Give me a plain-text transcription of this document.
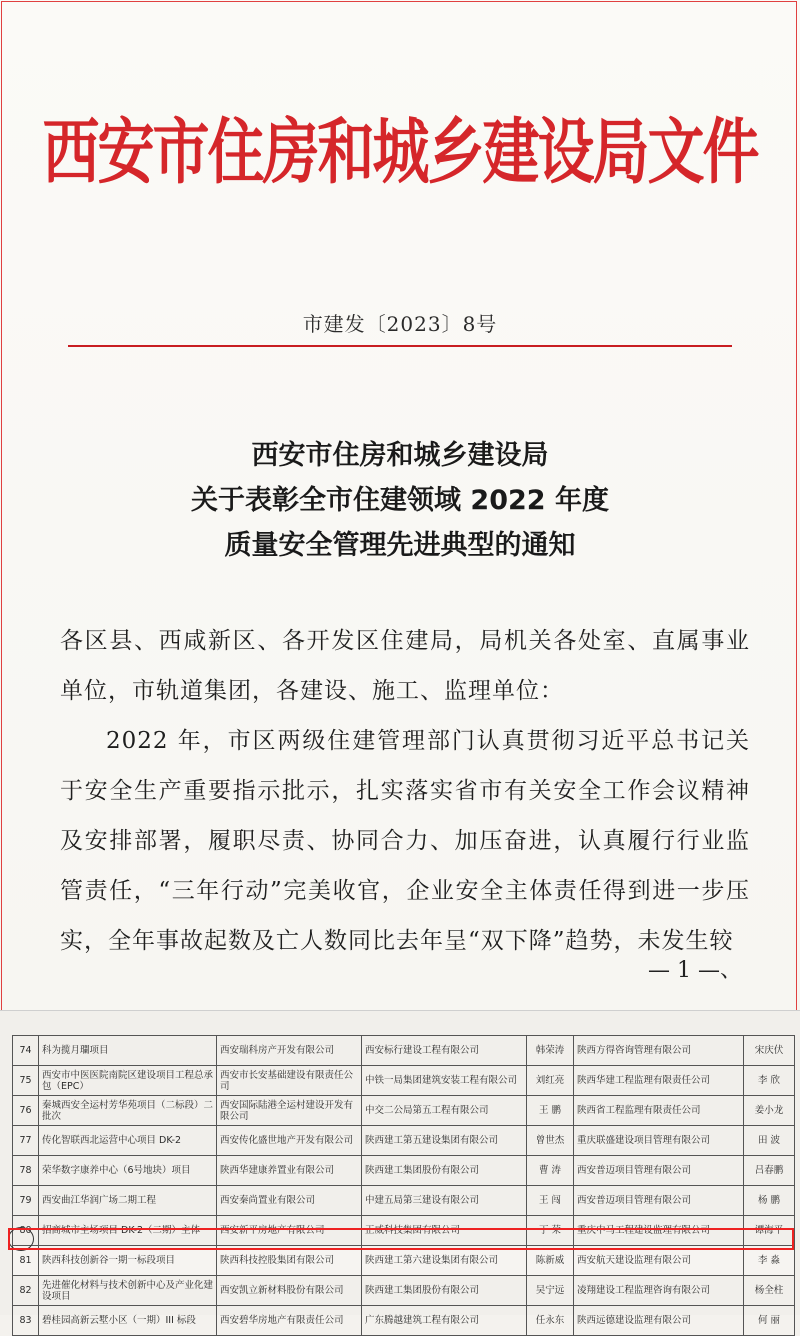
西安市住房和城乡建设局文件
市建发〔2023〕8号
西安市住房和城乡建设局
关于表彰全市住建领域 2022 年度
质量安全管理先进典型的通知

各区县、西咸新区、各开发区住建局，局机关各处室、直属事业单位，市轨道集团，各建设、施工、监理单位：

2022 年，市区两级住建管理部门认真贯彻习近平总书记关于安全生产重要指示批示，扎实落实省市有关安全工作会议精神及安排部署，履职尽责、协同合力、加压奋进，认真履行行业监管责任，“三年行动”完美收官，企业安全主体责任得到进一步压实，全年事故起数及亡人数同比去年呈“双下降”趋势，未发生较

— 1 —、
74	科为揽月瓓项目	西安瑞科房产开发有限公司	西安标行建设工程有限公司	韩荣涛	陕西方得咨询管理有限公司	宋庆伏
75	西安市中医医院南院区建设项目工程总承包（EPC）	西安市长安基础建设有限责任公司	中铁一局集团建筑安装工程有限公司	刘红亮	陕西华建工程监理有限责任公司	李 欣
76	秦城西安全运村芳华苑项目（二标段）二批次	西安国际陆港全运村建设开发有限公司	中交二公局第五工程有限公司	王 鹏	陕西省工程监理有限责任公司	姜小龙
77	传化智联西北运营中心项目 DK-2	西安传化盛世地产开发有限公司	陕西建工第五建设集团有限公司	曾世杰	重庆联盛建设项目管理有限公司	田 波
78	荣华数字康养中心（6号地块）项目	陕西华建康养置业有限公司	陕西建工集团股份有限公司	曹 涛	西安普迈项目管理有限公司	吕春鹏
79	西安曲江华润广场二期工程	西安秦尚置业有限公司	中建五局第三建设有限公司	王 闯	西安普迈项目管理有限公司	杨 鹏
80	招商城市主场项目 DK-2（二期）主体	西安新平房地产有限公司	正威科技集团有限公司	丁 荣	重庆中马工程建设监理有限公司	谭海平
81	陕西科技创新谷一期一标段项目	陕西科技控股集团有限公司	陕西建工第六建设集团有限公司	陈新威	西安航天建设监理有限公司	李 淼
82	先进催化材料与技术创新中心及产业化建设项目	西安凯立新材料股份有限公司	陕西建工集团股份有限公司	吴宁远	凌翔建设工程监理咨询有限公司	杨全柱
83	碧桂园高新云墅小区（一期）III 标段	西安碧华房地产有限责任公司	广东腾越建筑工程有限公司	任永东	陕西远德建设监理有限公司	何 丽
